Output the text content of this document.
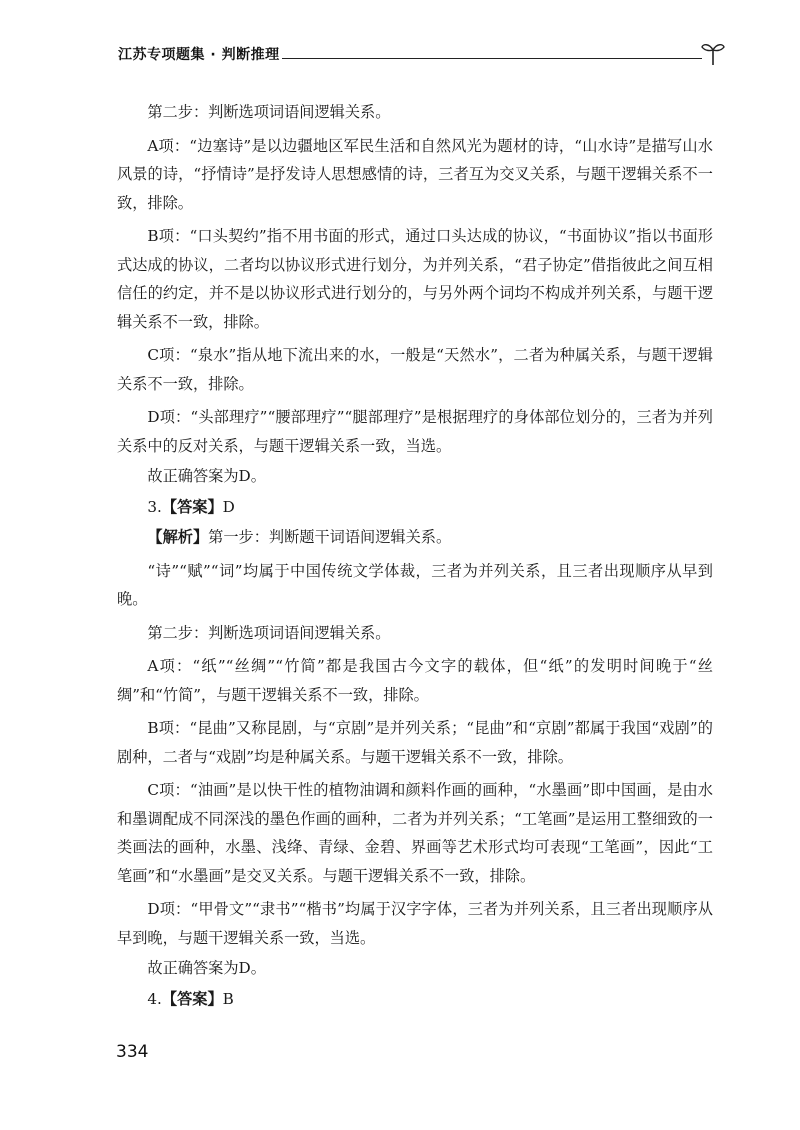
江苏专项题集 · 判断推理

第二步：判断选项词语间逻辑关系。

A项：“边塞诗”是以边疆地区军民生活和自然风光为题材的诗，“山水诗”是描写山水风景的诗，“抒情诗”是抒发诗人思想感情的诗，三者互为交叉关系，与题干逻辑关系不一致，排除。

B项：“口头契约”指不用书面的形式，通过口头达成的协议，“书面协议”指以书面形式达成的协议，二者均以协议形式进行划分，为并列关系，“君子协定”借指彼此之间互相信任的约定，并不是以协议形式进行划分的，与另外两个词均不构成并列关系，与题干逻辑关系不一致，排除。

C项：“泉水”指从地下流出来的水，一般是“天然水”，二者为种属关系，与题干逻辑关系不一致，排除。

D项：“头部理疗”“腰部理疗”“腿部理疗”是根据理疗的身体部位划分的，三者为并列关系中的反对关系，与题干逻辑关系一致，当选。

故正确答案为D。

3.【答案】D

【解析】第一步：判断题干词语间逻辑关系。

“诗”“赋”“词”均属于中国传统文学体裁，三者为并列关系，且三者出现顺序从早到晚。

第二步：判断选项词语间逻辑关系。

A项：“纸”“丝绸”“竹简”都是我国古今文字的载体，但“纸”的发明时间晚于“丝绸”和“竹简”，与题干逻辑关系不一致，排除。

B项：“昆曲”又称昆剧，与“京剧”是并列关系；“昆曲”和“京剧”都属于我国“戏剧”的剧种，二者与“戏剧”均是种属关系。与题干逻辑关系不一致，排除。

C项：“油画”是以快干性的植物油调和颜料作画的画种，“水墨画”即中国画，是由水和墨调配成不同深浅的墨色作画的画种，二者为并列关系；“工笔画”是运用工整细致的一类画法的画种，水墨、浅绛、青绿、金碧、界画等艺术形式均可表现“工笔画”，因此“工笔画”和“水墨画”是交叉关系。与题干逻辑关系不一致，排除。

D项：“甲骨文”“隶书”“楷书”均属于汉字字体，三者为并列关系，且三者出现顺序从早到晚，与题干逻辑关系一致，当选。

故正确答案为D。

4.【答案】B

334
